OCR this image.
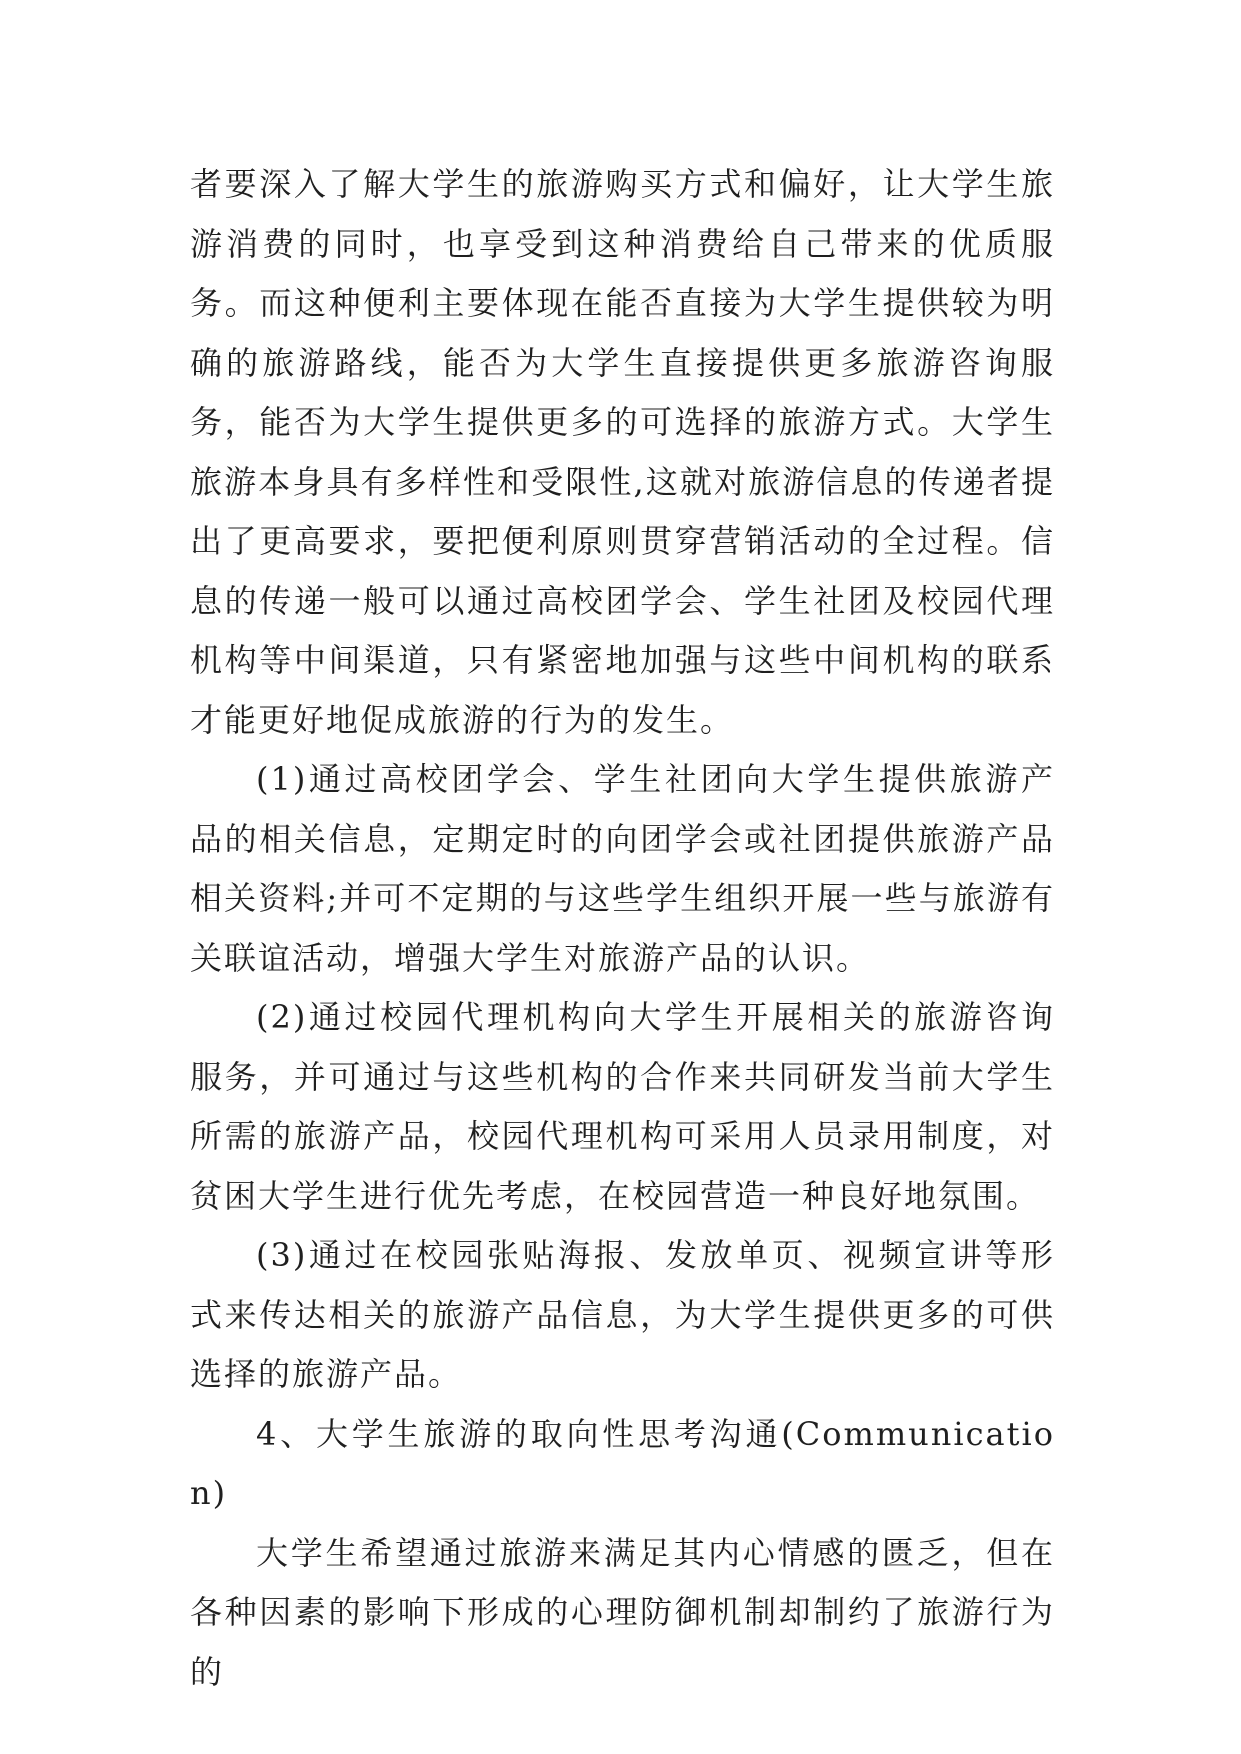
者要深入了解大学生的旅游购买方式和偏好，让大学生旅游消费的同时，也享受到这种消费给自己带来的优质服务。而这种便利主要体现在能否直接为大学生提供较为明确的旅游路线，能否为大学生直接提供更多旅游咨询服务，能否为大学生提供更多的可选择的旅游方式。大学生旅游本身具有多样性和受限性,这就对旅游信息的传递者提出了更高要求，要把便利原则贯穿营销活动的全过程。信息的传递一般可以通过高校团学会、学生社团及校园代理机构等中间渠道，只有紧密地加强与这些中间机构的联系才能更好地促成旅游的行为的发生。

(1)通过高校团学会、学生社团向大学生提供旅游产品的相关信息，定期定时的向团学会或社团提供旅游产品相关资料;并可不定期的与这些学生组织开展一些与旅游有关联谊活动，增强大学生对旅游产品的认识。

(2)通过校园代理机构向大学生开展相关的旅游咨询服务，并可通过与这些机构的合作来共同研发当前大学生所需的旅游产品，校园代理机构可采用人员录用制度，对贫困大学生进行优先考虑，在校园营造一种良好地氛围。

(3)通过在校园张贴海报、发放单页、视频宣讲等形式来传达相关的旅游产品信息，为大学生提供更多的可供选择的旅游产品。

4、大学生旅游的取向性思考沟通(Communication)

大学生希望通过旅游来满足其内心情感的匮乏，但在各种因素的影响下形成的心理防御机制却制约了旅游行为的
